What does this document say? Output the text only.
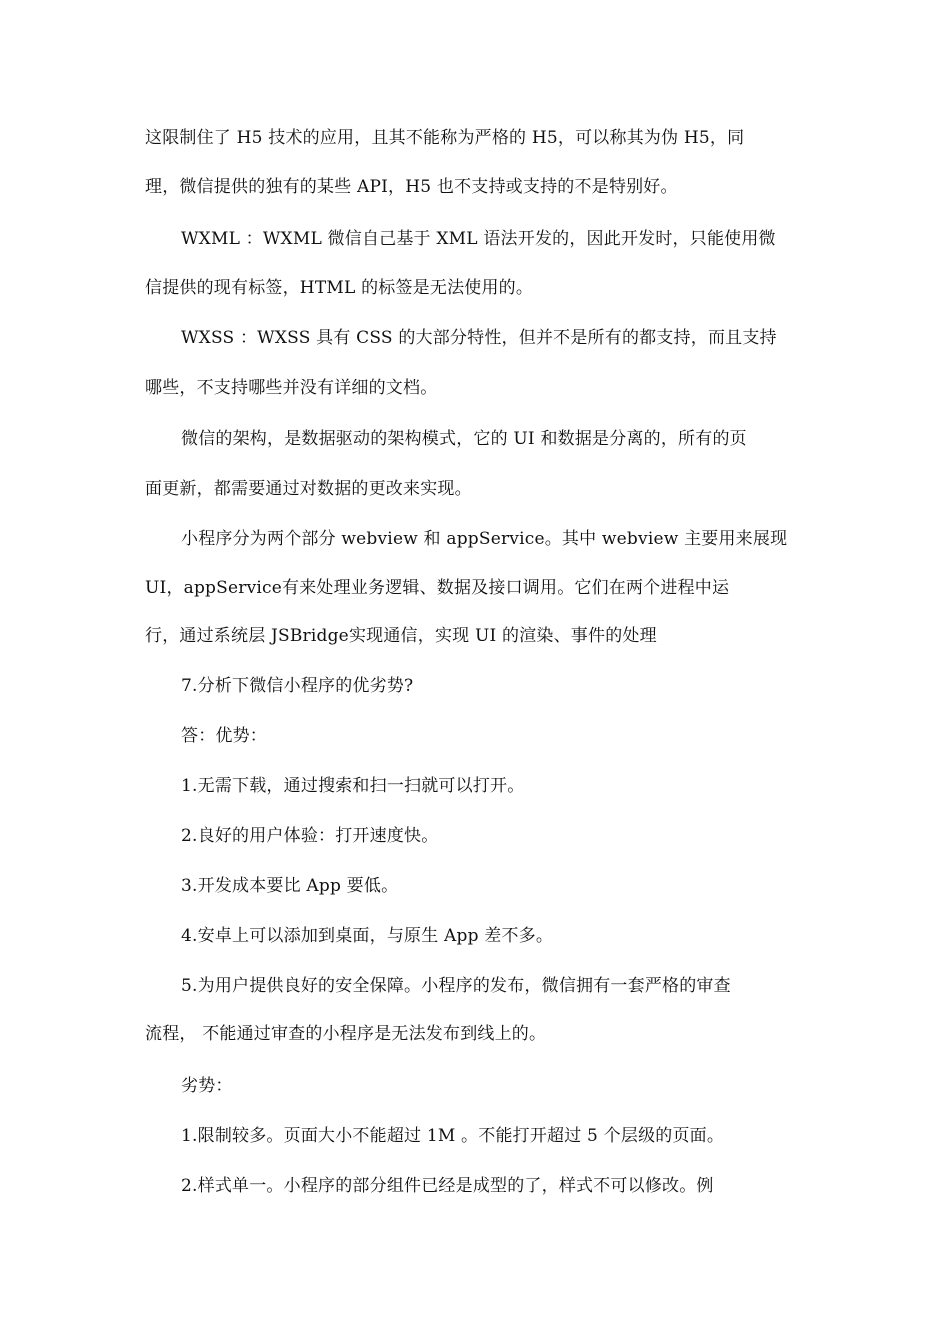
这限制住了 H5 技术的应用，且其不能称为严格的 H5，可以称其为伪 H5，同
理，微信提供的独有的某些 API，H5 也不支持或支持的不是特别好。
WXML ：WXML 微信自己基于 XML 语法开发的，因此开发时，只能使用微
信提供的现有标签，HTML 的标签是无法使用的。
WXSS ：WXSS 具有 CSS 的大部分特性，但并不是所有的都支持，而且支持
哪些，不支持哪些并没有详细的文档。
微信的架构，是数据驱动的架构模式，它的 UI 和数据是分离的，所有的页
面更新，都需要通过对数据的更改来实现。
小程序分为两个部分 webview 和 appService。其中 webview 主要用来展现
UI，appService有来处理业务逻辑、数据及接口调用。它们在两个进程中运
行，通过系统层 JSBridge实现通信，实现 UI 的渲染、事件的处理
7.分析下微信小程序的优劣势?
答：优势：
1.无需下载，通过搜索和扫一扫就可以打开。
2.良好的用户体验：打开速度快。
3.开发成本要比 App 要低。
4.安卓上可以添加到桌面，与原生 App 差不多。
5.为用户提供良好的安全保障。小程序的发布，微信拥有一套严格的审查
流程， 不能通过审查的小程序是无法发布到线上的。
劣势：
1.限制较多。页面大小不能超过 1M 。不能打开超过 5 个层级的页面。
2.样式单一。小程序的部分组件已经是成型的了，样式不可以修改。例
